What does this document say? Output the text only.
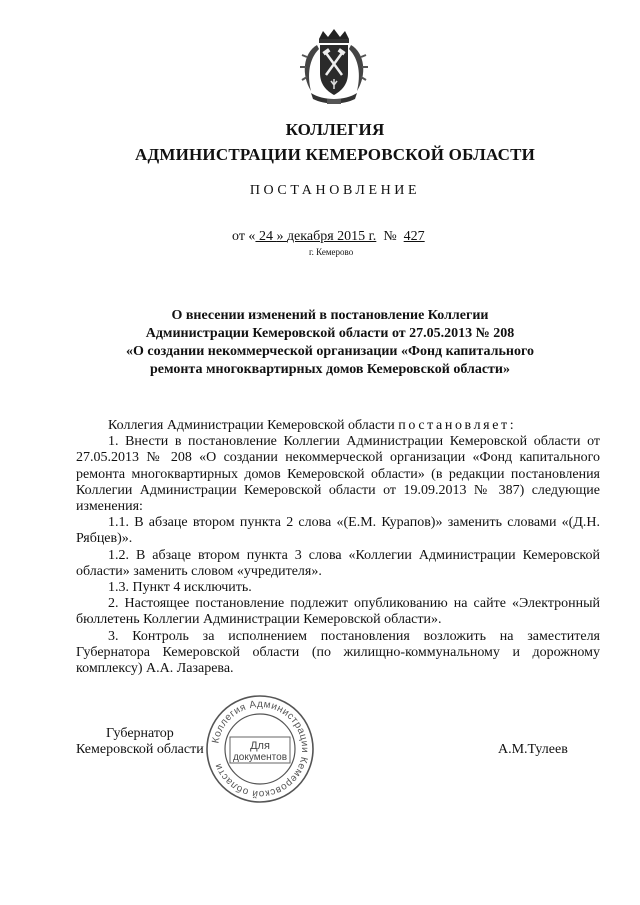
КОЛЛЕГИЯ
АДМИНИСТРАЦИИ КЕМЕРОВСКОЙ ОБЛАСТИ
ПОСТАНОВЛЕНИЕ
от « 24 » декабря 2015 г.  №  427
г. Кемерово
О внесении изменений в постановление Коллегии
Администрации Кемеровской области от 27.05.2013 № 208
«О создании некоммерческой организации «Фонд капитального
ремонта многоквартирных домов Кемеровской области»

Коллегия Администрации Кемеровской области постановляет:

1. Внести в постановление Коллегии Администрации Кемеровской области от 27.05.2013 № 208 «О создании некоммерческой организации «Фонд капитального ремонта многоквартирных домов Кемеровской области» (в редакции постановления Коллегии Администрации Кемеровской области от 19.09.2013 № 387) следующие изменения:

1.1. В абзаце втором пункта 2 слова «(Е.М. Курапов)» заменить словами «(Д.Н. Рябцев)».

1.2. В абзаце втором пункта 3 слова «Коллегии Администрации Кемеровской области» заменить словом «учредителя».

1.3. Пункт 4 исключить.

2. Настоящее постановление подлежит опубликованию на сайте «Электронный бюллетень Коллегии Администрации Кемеровской области».

3. Контроль за исполнением постановления возложить на заместителя Губернатора Кемеровской области (по жилищно-коммунальному и дорожному комплексу) А.А. Лазарева.

Коллегия Администрации Кемеровской области
Для
документов
Губернатор
Кемеровской области	А.М.Тулеев
